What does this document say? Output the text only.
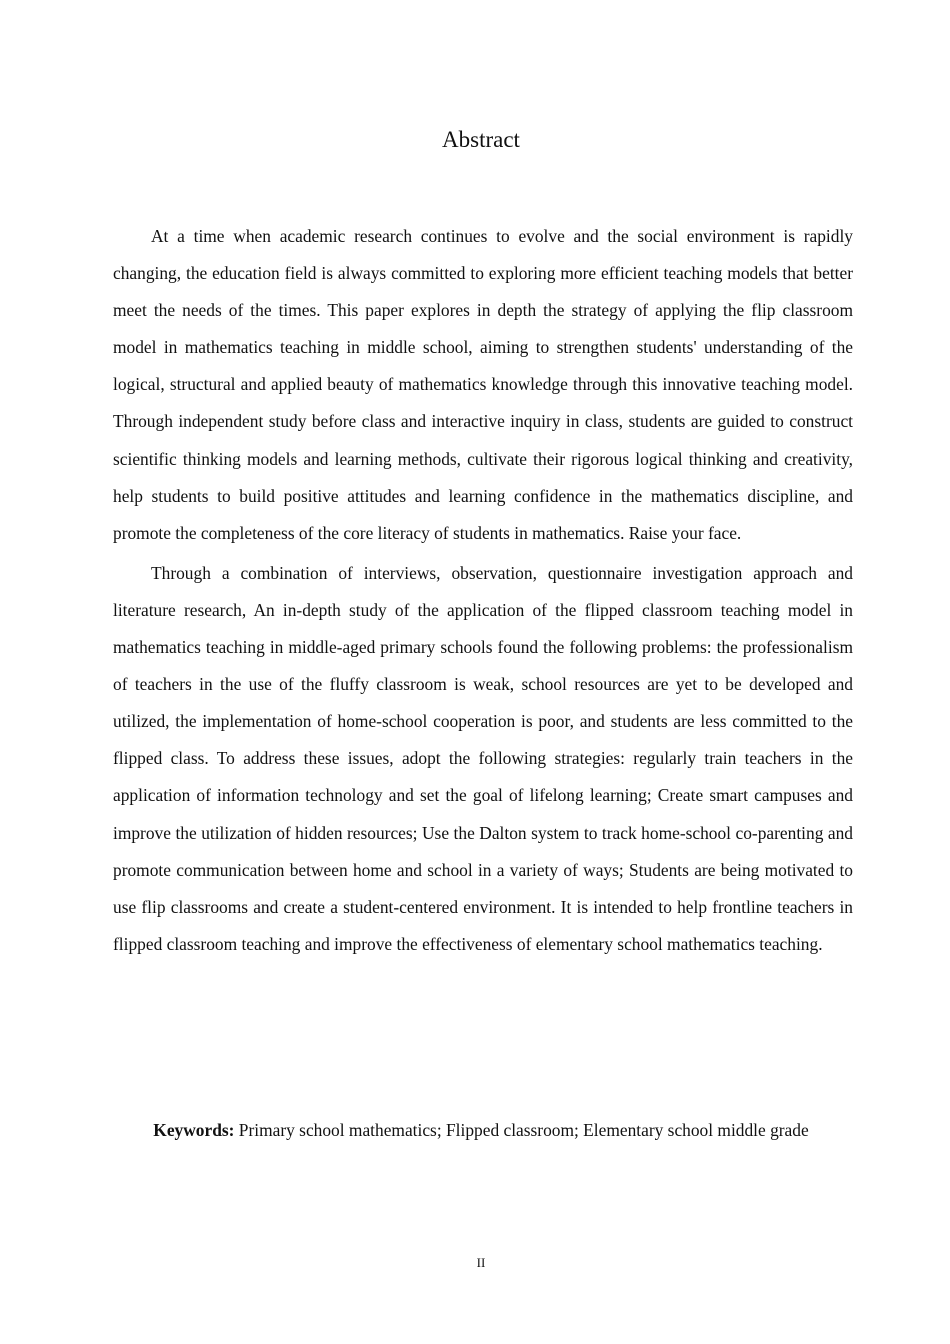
Abstract

At a time when academic research continues to evolve and the social environment is rapidly changing, the education field is always committed to exploring more efficient teaching models that better meet the needs of the times. This paper explores in depth the strategy of applying the flip classroom model in mathematics teaching in middle school, aiming to strengthen students' understanding of the logical, structural and applied beauty of mathematics knowledge through this innovative teaching model. Through independent study before class and interactive inquiry in class, students are guided to construct scientific thinking models and learning methods, cultivate their rigorous logical thinking and creativity, help students to build positive attitudes and learning confidence in the mathematics discipline, and promote the completeness of the core literacy of students in mathematics. Raise your face.

Through a combination of interviews, observation, questionnaire investigation approach and literature research, An in-depth study of the application of the flipped classroom teaching model in mathematics teaching in middle-aged primary schools found the following problems: the professionalism of teachers in the use of the fluffy classroom is weak, school resources are yet to be developed and utilized, the implementation of home-school cooperation is poor, and students are less committed to the flipped class. To address these issues, adopt the following strategies: regularly train teachers in the application of information technology and set the goal of lifelong learning; Create smart campuses and improve the utilization of hidden resources; Use the Dalton system to track home-school co-parenting and promote communication between home and school in a variety of ways; Students are being motivated to use flip classrooms and create a student-centered environment. It is intended to help frontline teachers in flipped classroom teaching and improve the effectiveness of elementary school mathematics teaching.

Keywords: Primary school mathematics; Flipped classroom; Elementary school middle grade

II
